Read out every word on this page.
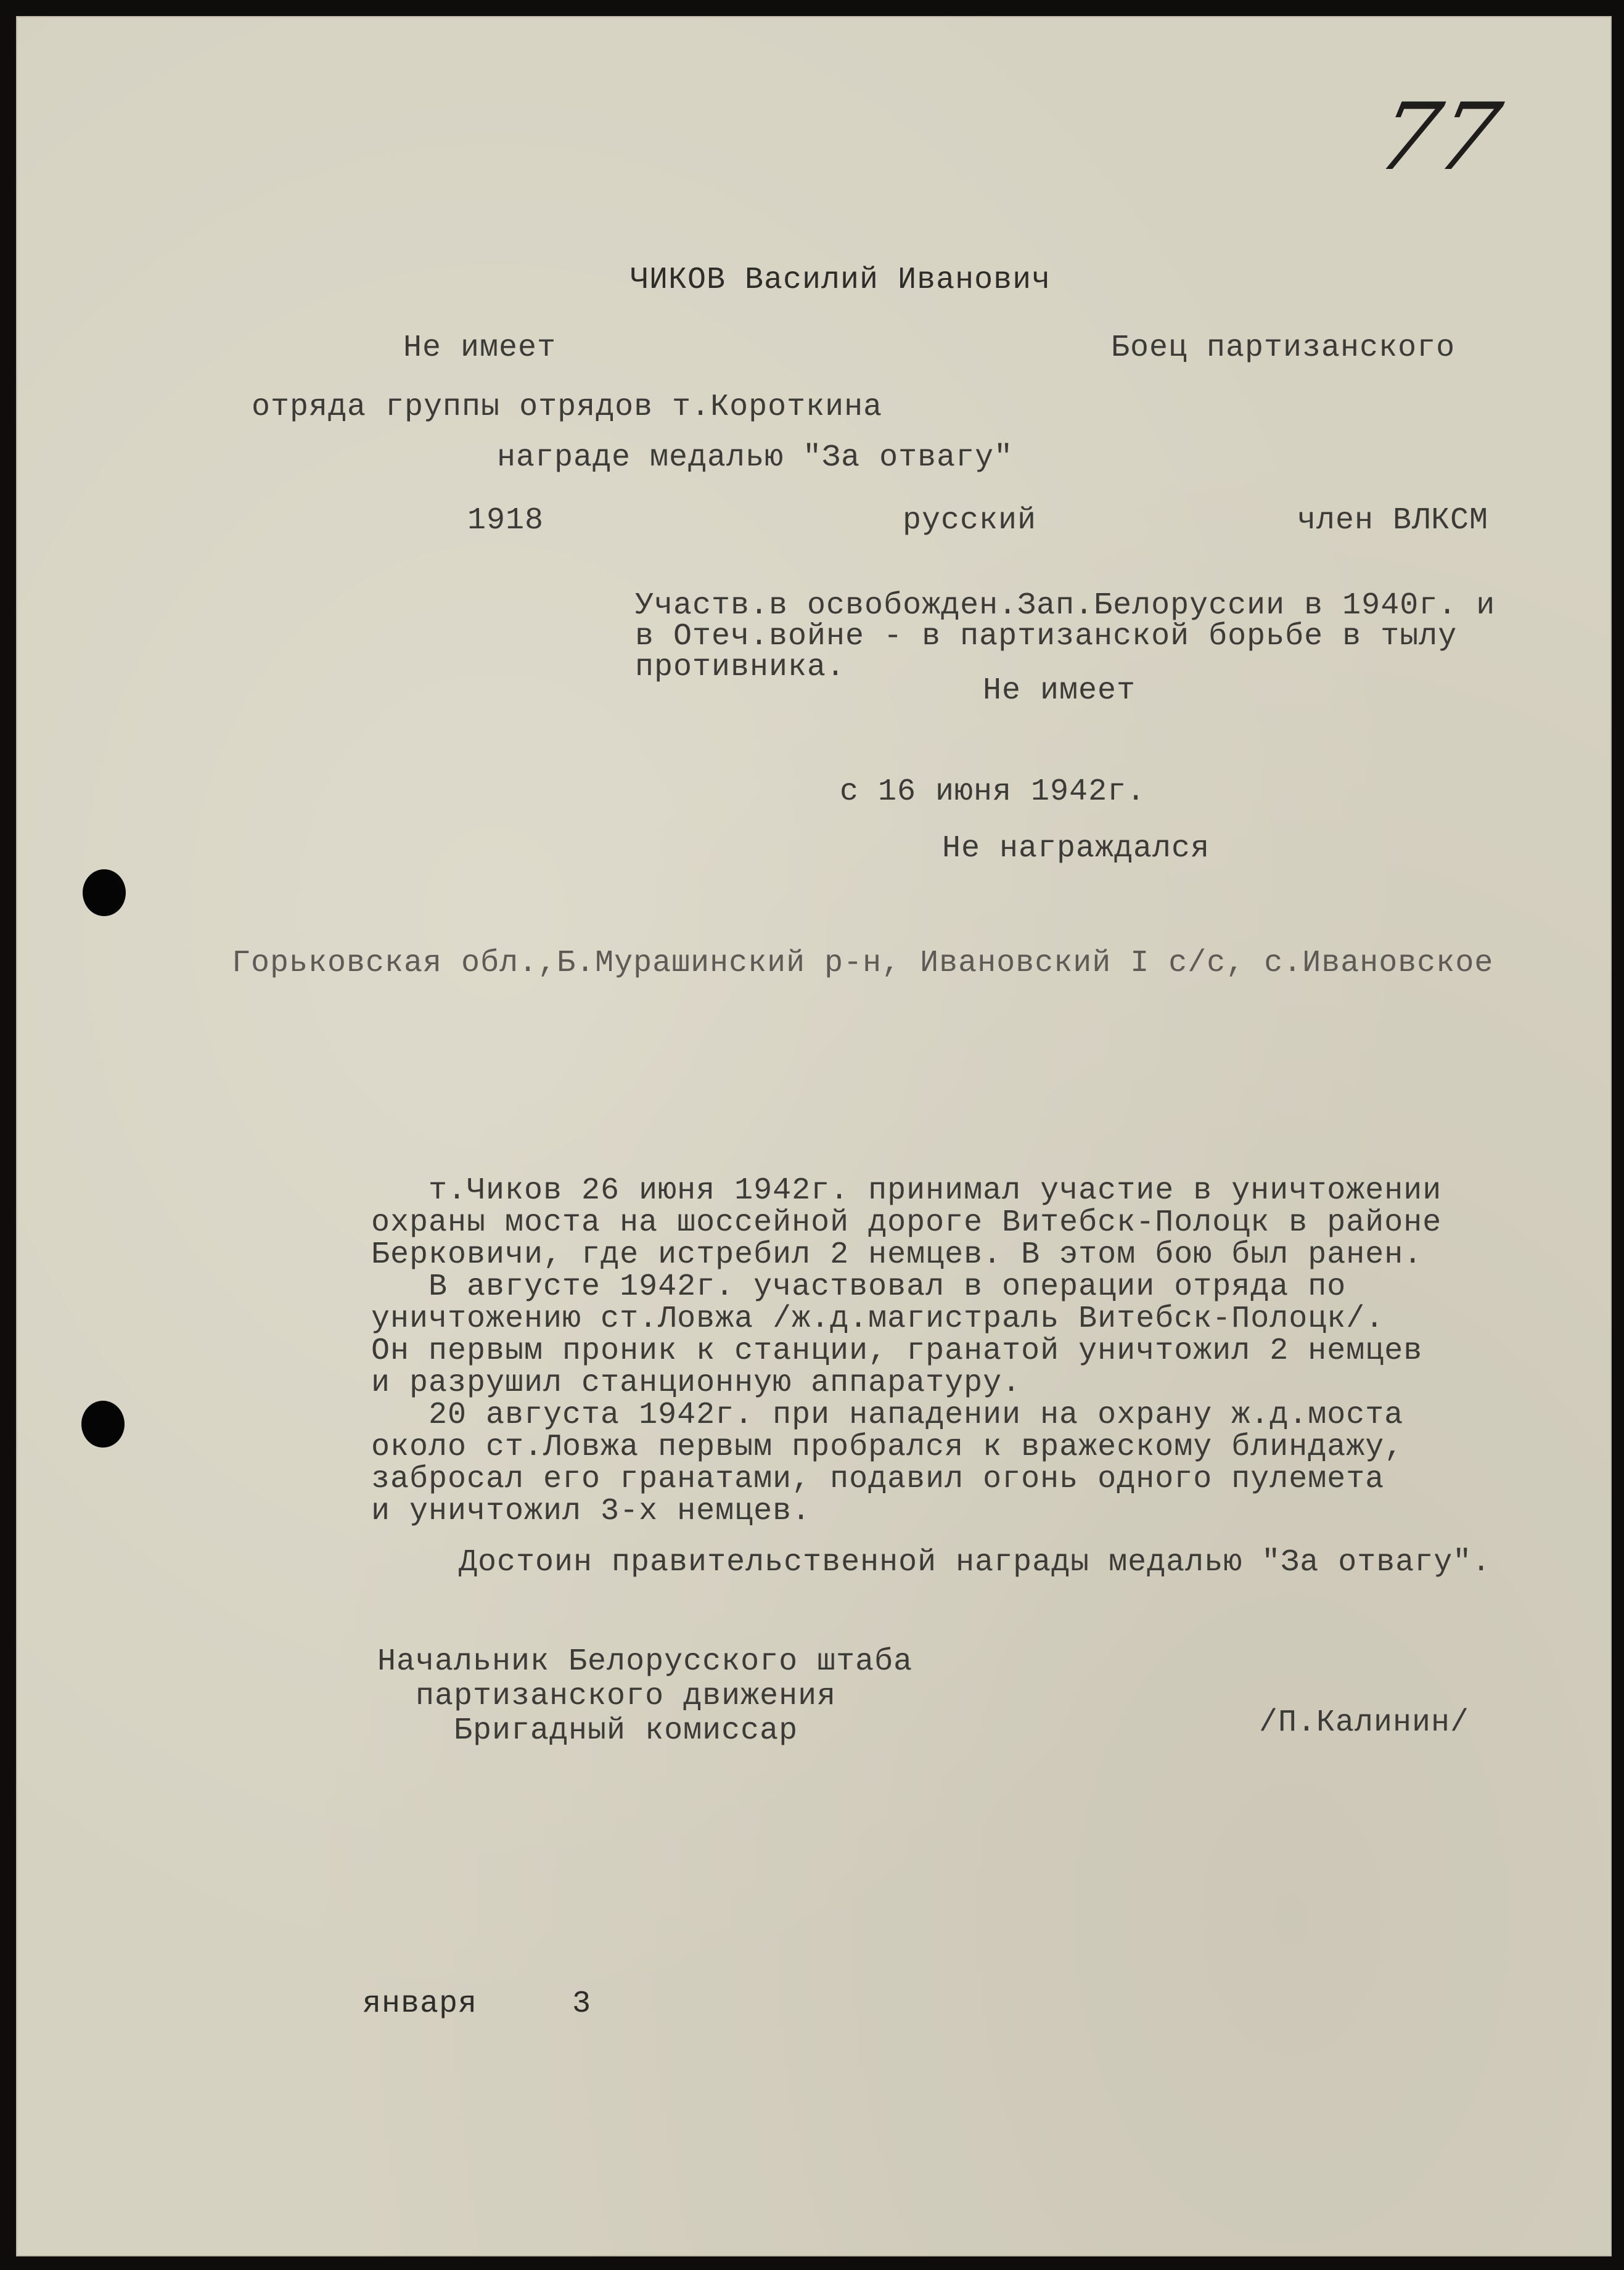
77
ЧИКОВ Василий Иванович
Не имеет	Боец партизанского
отряда группы отрядов т.Короткина
награде медалью "За отвагу"
1918	русский	член ВЛКСМ
Участв.в освобожден.Зап.Белоруссии в 1940г. и
в Отеч.войне - в партизанской борьбе в тылу
противника.
Не имеет
с 16 июня 1942г.
Не награждался
Горьковская обл.,Б.Мурашинский р-н, Ивановский I с/с, с.Ивановское
т.Чиков 26 июня 1942г. принимал участие в уничтожении
охраны моста на шоссейной дороге Витебск-Полоцк в районе
Берковичи, где истребил 2 немцев. В этом бою был ранен.
В августе 1942г. участвовал в операции отряда по
уничтожению ст.Ловжа /ж.д.магистраль Витебск-Полоцк/.
Он первым проник к станции, гранатой уничтожил 2 немцев
и разрушил станционную аппаратуру.
20 августа 1942г. при нападении на охрану ж.д.моста
около ст.Ловжа первым пробрался к вражескому блиндажу,
забросал его гранатами, подавил огонь одного пулемета
и уничтожил 3-х немцев.
Достоин правительственной награды медалью "За отвагу".
Начальник Белорусского штаба
партизанского движения
Бригадный комиссар	/П.Калинин/
января	3
